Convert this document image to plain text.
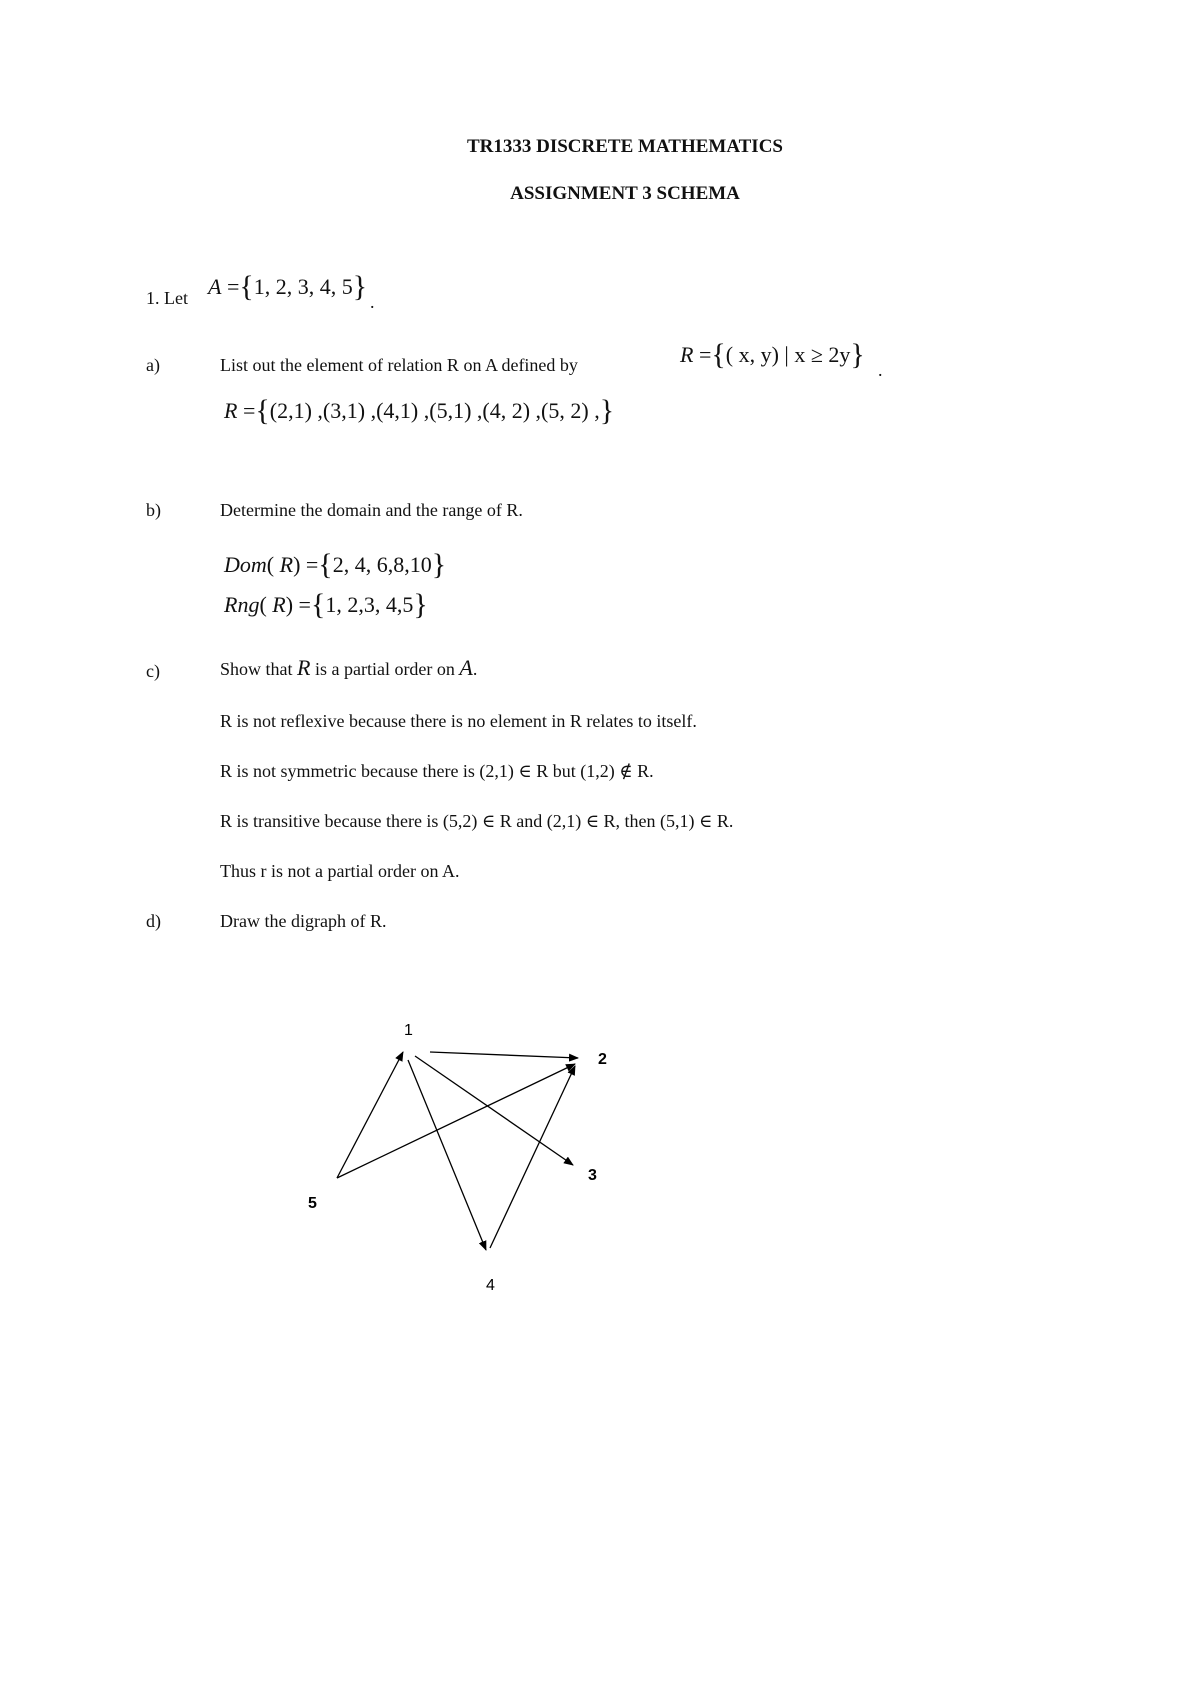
TR1333 DISCRETE MATHEMATICS
ASSIGNMENT 3 SCHEMA
1. Let A ={1, 2, 3, 4, 5} .
a)	List out the element of relation R on A defined by	R ={( x, y) | x ≥ 2y} .
R ={(2,1) ,(3,1) ,(4,1) ,(5,1) ,(4, 2) ,(5, 2) ,}
b)	Determine the domain and the range of R.
Dom( R) ={2, 4, 6,8,10}
Rng( R) ={1, 2,3, 4,5}
c)	Show that R is a partial order on A.
R is not reflexive because there is no element in R relates to itself.
R is not symmetric because there is (2,1) ∈ R but (1,2) ∉ R.
R is transitive because there is (5,2) ∈ R and (2,1) ∈ R, then (5,1) ∈ R.
Thus r is not a partial order on A.
d)	Draw the digraph of R.
1
2
3
4
5
